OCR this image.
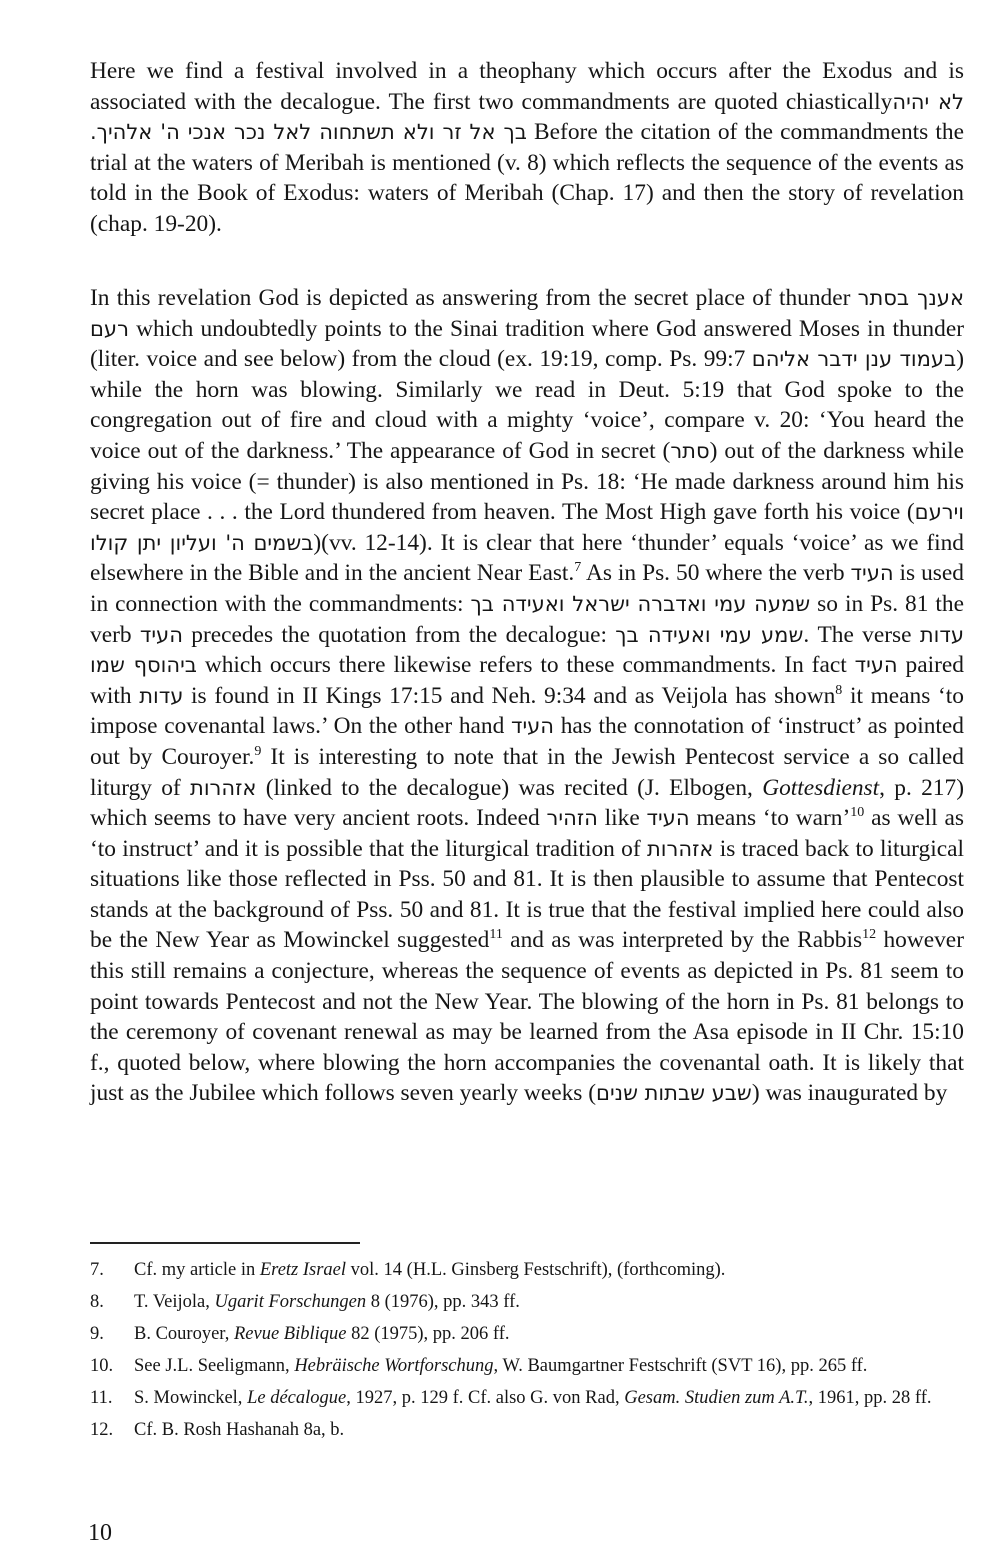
Here we find a festival involved in a theophany which occurs after the Exodus and is associated with the decalogue. The first two commandments are quoted chiasticallyלא יהיה בך אל זר ולא תשתחוה לאל נכר אנכי ה' אלהיך. Before the citation of the commandments the trial at the waters of Meribah is mentioned (v. 8) which reflects the sequence of the events as told in the Book of Exodus: waters of Meribah (Chap. 17) and then the story of revelation (chap. 19-20).

In this revelation God is depicted as answering from the secret place of thunder אענך בסתר רעם which undoubtedly points to the Sinai tradition where God answered Moses in thunder (liter. voice and see below) from the cloud (ex. 19:19, comp. Ps. 99:7 בעמוד ענן ידבר אליהם) while the horn was blowing. Similarly we read in Deut. 5:19 that God spoke to the congregation out of fire and cloud with a mighty ‘voice’, compare v. 20: ‘You heard the voice out of the darkness.’ The appearance of God in secret (סתר) out of the darkness while giving his voice (= thunder) is also mentioned in Ps. 18: ‘He made darkness around him his secret place . . . the Lord thundered from heaven. The Most High gave forth his voice (וירעם בשמים ה' ועליון יתן קולו)(vv. 12-14). It is clear that here ‘thunder’ equals ‘voice’ as we find elsewhere in the Bible and in the ancient Near East.$^7$ As in Ps. 50 where the verb העיד is used in connection with the commandments: שמעה עמי ואדברה ישראל ואעידה בך so in Ps. 81 the verb העיד precedes the quotation from the decalogue: שמע עמי ואעידה בך. The verse עדות ביהוסף שמו which occurs there likewise refers to these commandments. In fact העיד paired with עדות is found in II Kings 17:15 and Neh. 9:34 and as Veijola has shown$^8$ it means ‘to impose covenantal laws.’ On the other hand העיד has the connotation of ‘instruct’ as pointed out by Couroyer.$^9$ It is interesting to note that in the Jewish Pentecost service a so called liturgy of אזהרות (linked to the decalogue) was recited (J. Elbogen, Gottesdienst, p. 217) which seems to have very ancient roots. Indeed הזהיר like העיד means ‘to warn’$^{10}$ as well as ‘to instruct’ and it is possible that the liturgical tradition of אזהרות is traced back to liturgical situations like those reflected in Pss. 50 and 81. It is then plausible to assume that Pentecost stands at the background of Pss. 50 and 81. It is true that the festival implied here could also be the New Year as Mowinckel suggested$^{11}$ and as was interpreted by the Rabbis$^{12}$ however this still remains a conjecture, whereas the sequence of events as depicted in Ps. 81 seem to point towards Pentecost and not the New Year. The blowing of the horn in Ps. 81 belongs to the ceremony of covenant renewal as may be learned from the Asa episode in II Chr. 15:10 f., quoted below, where blowing the horn accompanies the covenantal oath. It is likely that just as the Jubilee which follows seven yearly weeks (שבע שבתות שנים) was inaugurated by

7.	Cf. my article in Eretz Israel vol. 14 (H.L. Ginsberg Festschrift), (forthcoming).
8.	T. Veijola, Ugarit Forschungen 8 (1976), pp. 343 ff.
9.	B. Couroyer, Revue Biblique 82 (1975), pp. 206 ff.
10.	See J.L. Seeligmann, Hebräische Wortforschung, W. Baumgartner Festschrift (SVT 16), pp. 265 ff.
11.	S. Mowinckel, Le décalogue, 1927, p. 129 f. Cf. also G. von Rad, Gesam. Studien zum A.T., 1961, pp. 28 ff.
12.	Cf. B. Rosh Hashanah 8a, b.
10
